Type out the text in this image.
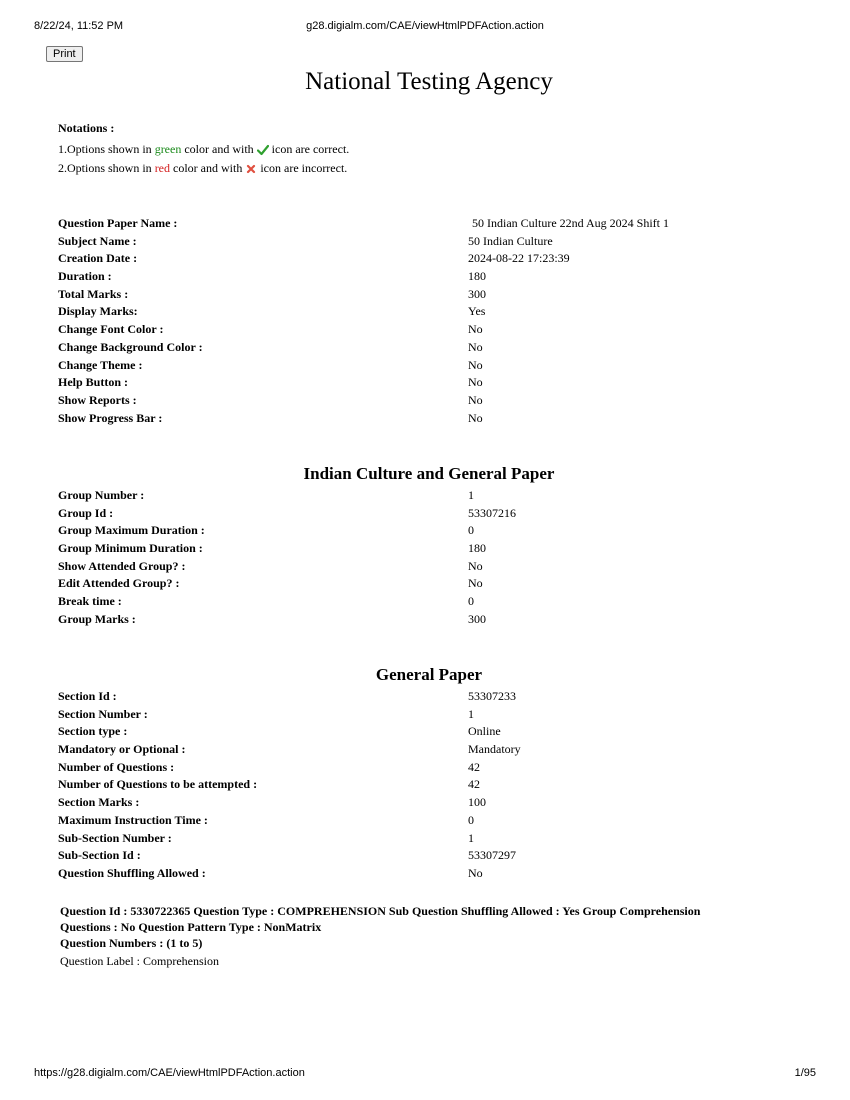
g28.digialm.com/CAE/viewHtmlPDFAction.action
8/22/24, 11:52 PM
Print
National Testing Agency
Notations :
1.Options shown in
green
color and with icon are correct.
2.Options shown in
red
color and with icon are incorrect.
Question Paper Name :	50 Indian Culture 22nd Aug 2024 Shift 1
Subject Name :	50 Indian Culture
Creation Date :	2024-08-22 17:23:39
Duration :	180
Total Marks :	300
Display Marks:	Yes
Change Font Color :	No
Change Background Color :	No
Change Theme :	No
Help Button :	No
Show Reports :	No
Show Progress Bar :	No
Indian Culture and General Paper
Group Number :	1
Group Id :	53307216
Group Maximum Duration :	0
Group Minimum Duration :	180
Show Attended Group? :	No
Edit Attended Group? :	No
Break time :	0
Group Marks :	300
General Paper
Section Id :	53307233
Section Number :	1
Section type :	Online
Mandatory or Optional :	Mandatory
Number of Questions :	42
Number of Questions to be attempted :	42
Section Marks :	100
Maximum Instruction Time :	0
Sub-Section Number :	1
Sub-Section Id :	53307297
Question Shuffling Allowed :	No
Question Id : 5330722365 Question Type : COMPREHENSION Sub Question Shuffling Allowed : Yes Group Comprehension
Questions : No Question Pattern Type : NonMatrix
Question Numbers : (1 to 5)
Question Label : Comprehension
https://g28.digialm.com/CAE/viewHtmlPDFAction.action	1/95
